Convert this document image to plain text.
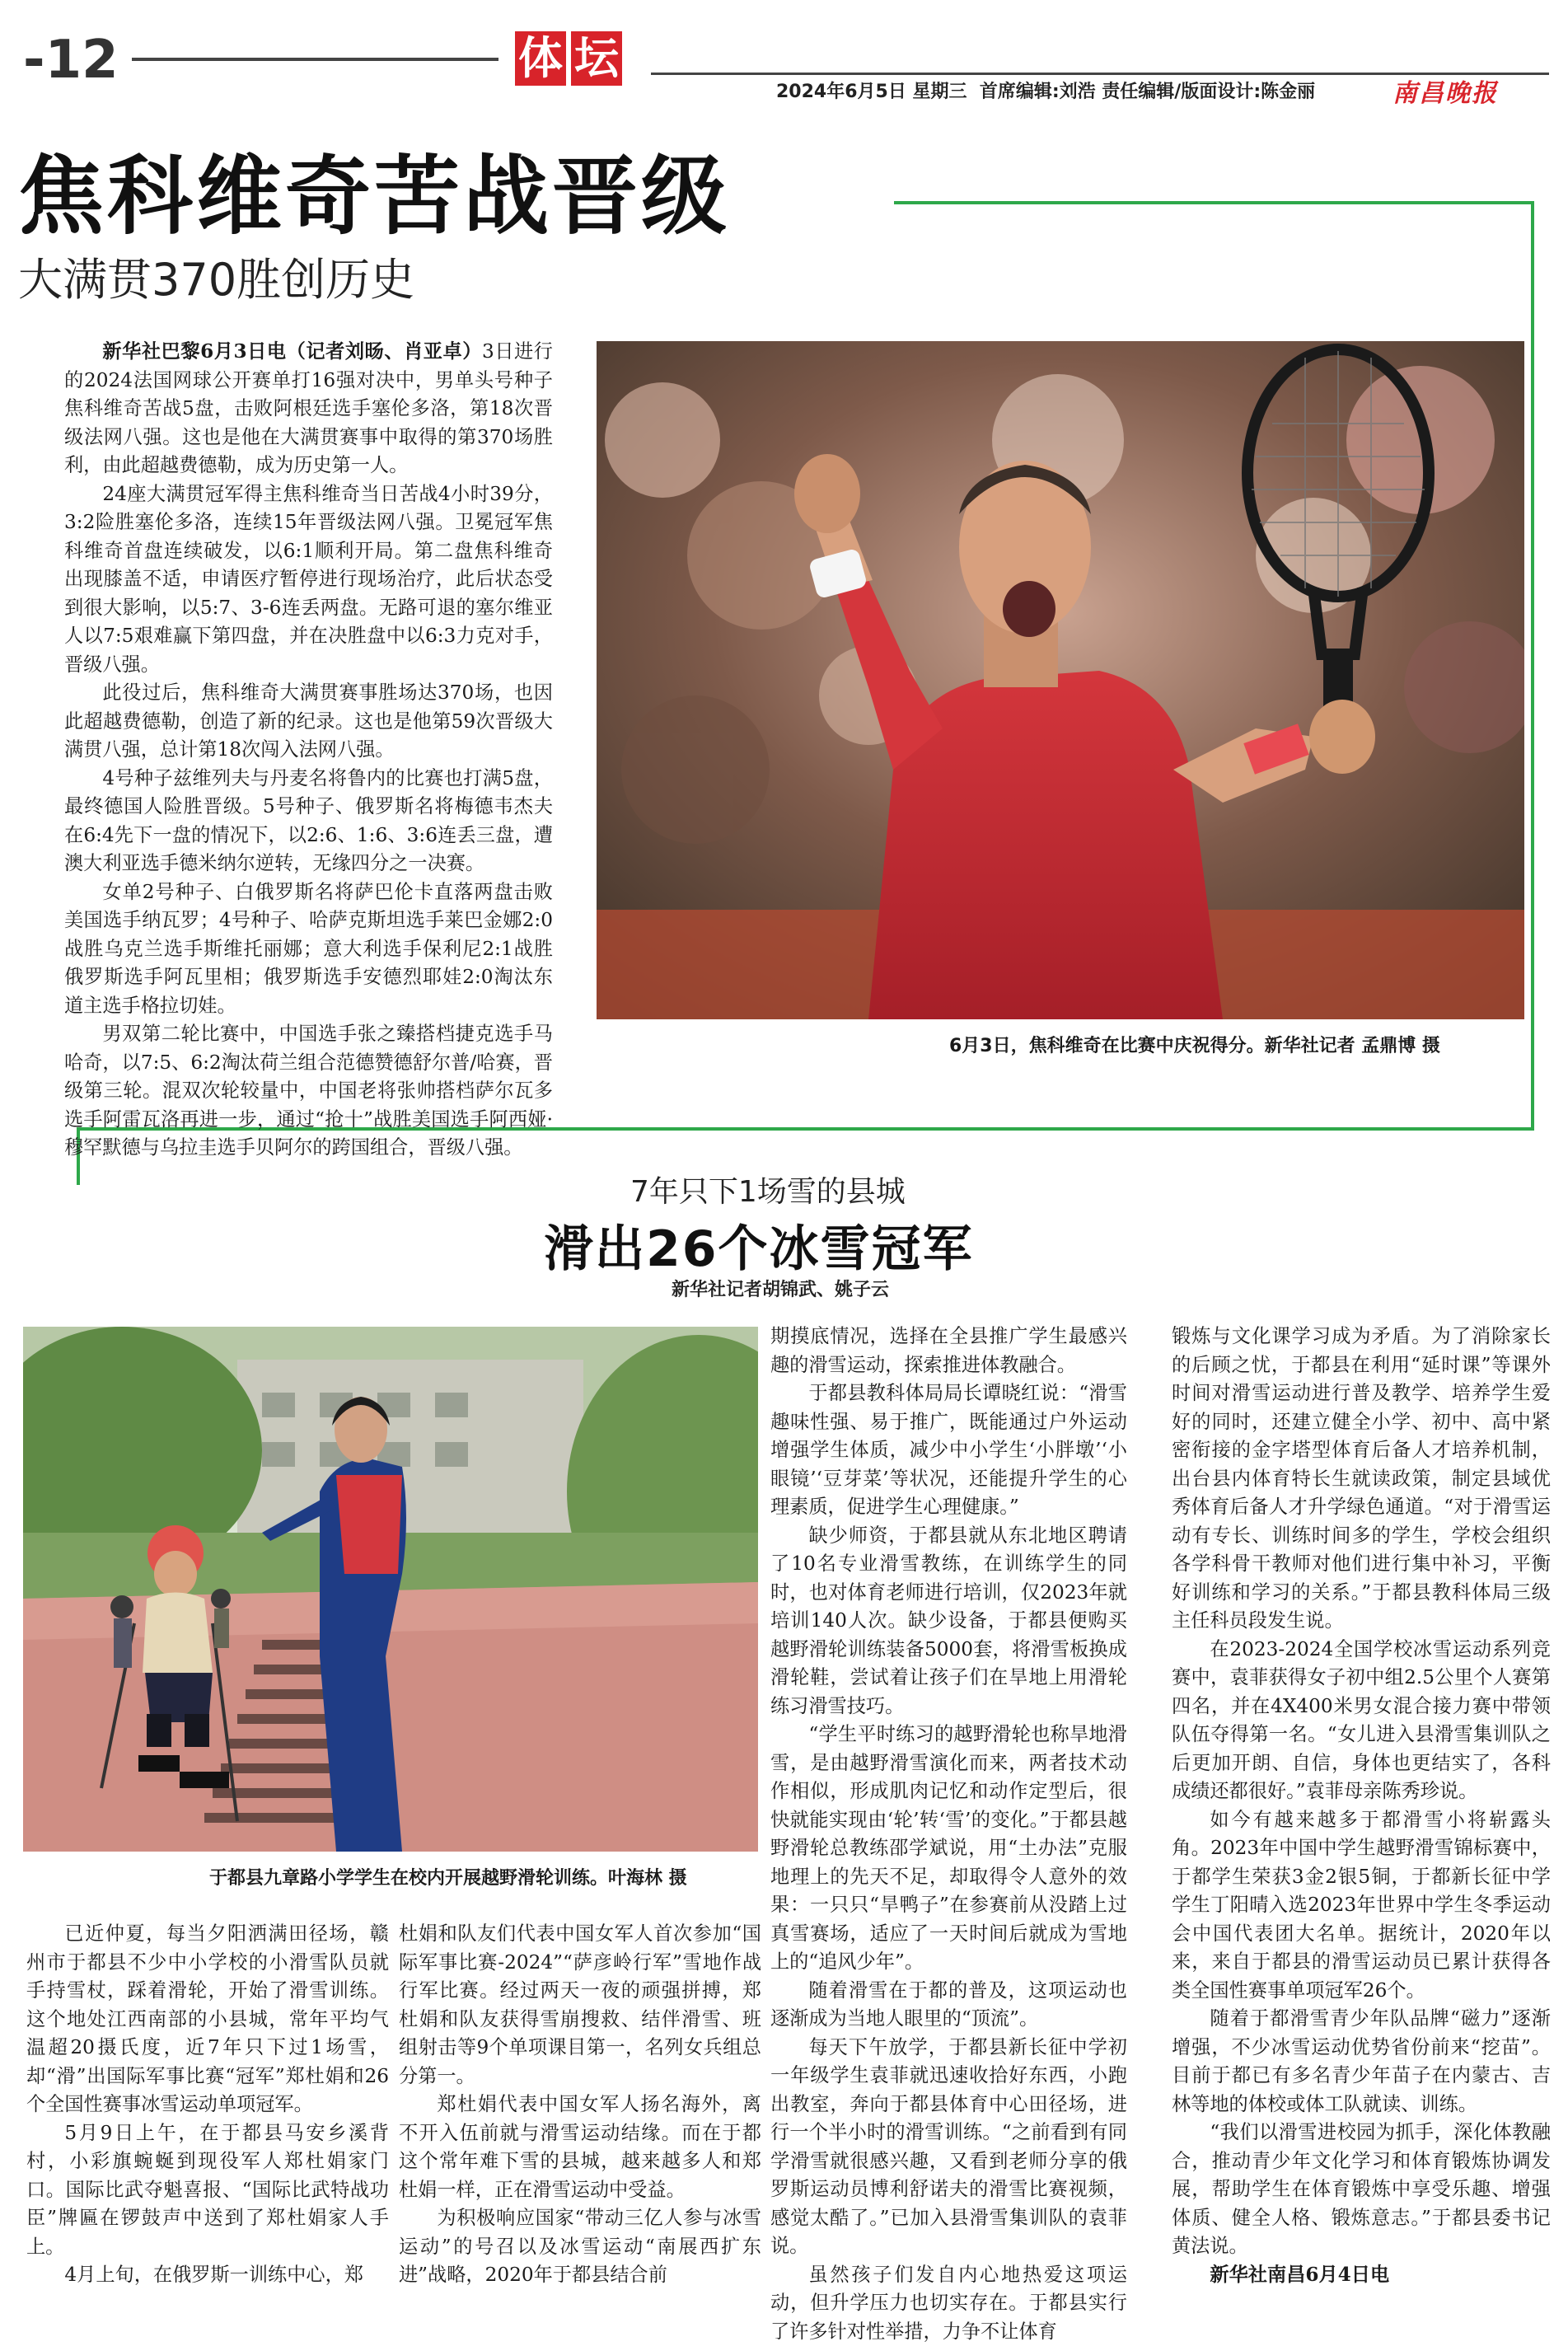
-12	体 坛
2024年6月5日 星期三  首席编辑:刘浩 责任编辑/版面设计:陈金丽	南昌晚报
焦科维奇苦战晋级
大满贯370胜创历史

新华社巴黎6月3日电（记者刘旸、肖亚卓）3日进行的2024法国网球公开赛单打16强对决中，男单头号种子焦科维奇苦战5盘，击败阿根廷选手塞伦多洛，第18次晋级法网八强。这也是他在大满贯赛事中取得的第370场胜利，由此超越费德勒，成为历史第一人。

24座大满贯冠军得主焦科维奇当日苦战4小时39分，3:2险胜塞伦多洛，连续15年晋级法网八强。卫冕冠军焦科维奇首盘连续破发，以6:1顺利开局。第二盘焦科维奇出现膝盖不适，申请医疗暂停进行现场治疗，此后状态受到很大影响，以5:7、3-6连丢两盘。无路可退的塞尔维亚人以7:5艰难赢下第四盘，并在决胜盘中以6:3力克对手，晋级八强。

此役过后，焦科维奇大满贯赛事胜场达370场，也因此超越费德勒，创造了新的纪录。这也是他第59次晋级大满贯八强，总计第18次闯入法网八强。

4号种子兹维列夫与丹麦名将鲁内的比赛也打满5盘，最终德国人险胜晋级。5号种子、俄罗斯名将梅德韦杰夫在6:4先下一盘的情况下，以2:6、1:6、3:6连丢三盘，遭澳大利亚选手德米纳尔逆转，无缘四分之一决赛。

女单2号种子、白俄罗斯名将萨巴伦卡直落两盘击败美国选手纳瓦罗；4号种子、哈萨克斯坦选手莱巴金娜2:0战胜乌克兰选手斯维托丽娜；意大利选手保利尼2:1战胜俄罗斯选手阿瓦里相；俄罗斯选手安德烈耶娃2:0淘汰东道主选手格拉切娃。

男双第二轮比赛中，中国选手张之臻搭档捷克选手马哈奇，以7:5、6:2淘汰荷兰组合范德赞德舒尔普/哈赛，晋级第三轮。混双次轮较量中，中国老将张帅搭档萨尔瓦多选手阿雷瓦洛再进一步，通过“抢十”战胜美国选手阿西娅·穆罕默德与乌拉圭选手贝阿尔的跨国组合，晋级八强。

6月3日，焦科维奇在比赛中庆祝得分。新华社记者 孟鼎博 摄
7年只下1场雪的县城
滑出26个冰雪冠军
新华社记者胡锦武、姚子云
于都县九章路小学学生在校内开展越野滑轮训练。叶海林 摄

已近仲夏，每当夕阳洒满田径场，赣州市于都县不少中小学校的小滑雪队员就手持雪杖，踩着滑轮，开始了滑雪训练。这个地处江西南部的小县城，常年平均气温超20摄氏度，近7年只下过1场雪，却“滑”出国际军事比赛“冠军”郑杜娟和26个全国性赛事冰雪运动单项冠军。

5月9日上午，在于都县马安乡溪背村，小彩旗蜿蜒到现役军人郑杜娟家门口。国际比武夺魁喜报、“国际比武特战功臣”牌匾在锣鼓声中送到了郑杜娟家人手上。

4月上旬，在俄罗斯一训练中心，郑

杜娟和队友们代表中国女军人首次参加“国际军事比赛-2024”“萨彦岭行军”雪地作战行军比赛。经过两天一夜的顽强拼搏，郑杜娟和队友获得雪崩搜救、结伴滑雪、班组射击等9个单项课目第一，名列女兵组总分第一。

郑杜娟代表中国女军人扬名海外，离不开入伍前就与滑雪运动结缘。而在于都这个常年难下雪的县城，越来越多人和郑杜娟一样，正在滑雪运动中受益。

为积极响应国家“带动三亿人参与冰雪运动”的号召以及冰雪运动“南展西扩东进”战略，2020年于都县结合前

期摸底情况，选择在全县推广学生最感兴趣的滑雪运动，探索推进体教融合。

于都县教科体局局长谭晓红说：“滑雪趣味性强、易于推广，既能通过户外运动增强学生体质，减少中小学生‘小胖墩’‘小眼镜’‘豆芽菜’等状况，还能提升学生的心理素质，促进学生心理健康。”

缺少师资，于都县就从东北地区聘请了10名专业滑雪教练，在训练学生的同时，也对体育老师进行培训，仅2023年就培训140人次。缺少设备，于都县便购买越野滑轮训练装备5000套，将滑雪板换成滑轮鞋，尝试着让孩子们在旱地上用滑轮练习滑雪技巧。

“学生平时练习的越野滑轮也称旱地滑雪，是由越野滑雪演化而来，两者技术动作相似，形成肌肉记忆和动作定型后，很快就能实现由‘轮’转‘雪’的变化。”于都县越野滑轮总教练邵学斌说，用“土办法”克服地理上的先天不足，却取得令人意外的效果：一只只“旱鸭子”在参赛前从没踏上过真雪赛场，适应了一天时间后就成为雪地上的“追风少年”。

随着滑雪在于都的普及，这项运动也逐渐成为当地人眼里的“顶流”。

每天下午放学，于都县新长征中学初一年级学生袁菲就迅速收拾好东西，小跑出教室，奔向于都县体育中心田径场，进行一个半小时的滑雪训练。“之前看到有同学滑雪就很感兴趣，又看到老师分享的俄罗斯运动员博利舒诺夫的滑雪比赛视频，感觉太酷了。”已加入县滑雪集训队的袁菲说。

虽然孩子们发自内心地热爱这项运动，但升学压力也切实存在。于都县实行了许多针对性举措，力争不让体育

锻炼与文化课学习成为矛盾。为了消除家长的后顾之忧，于都县在利用“延时课”等课外时间对滑雪运动进行普及教学、培养学生爱好的同时，还建立健全小学、初中、高中紧密衔接的金字塔型体育后备人才培养机制，出台县内体育特长生就读政策，制定县域优秀体育后备人才升学绿色通道。“对于滑雪运动有专长、训练时间多的学生，学校会组织各学科骨干教师对他们进行集中补习，平衡好训练和学习的关系。”于都县教科体局三级主任科员段发生说。

在2023-2024全国学校冰雪运动系列竞赛中，袁菲获得女子初中组2.5公里个人赛第四名，并在4X400米男女混合接力赛中带领队伍夺得第一名。“女儿进入县滑雪集训队之后更加开朗、自信，身体也更结实了，各科成绩还都很好。”袁菲母亲陈秀珍说。

如今有越来越多于都滑雪小将崭露头角。2023年中国中学生越野滑雪锦标赛中，于都学生荣获3金2银5铜，于都新长征中学学生丁阳晴入选2023年世界中学生冬季运动会中国代表团大名单。据统计，2020年以来，来自于都县的滑雪运动员已累计获得各类全国性赛事单项冠军26个。

随着于都滑雪青少年队品牌“磁力”逐渐增强，不少冰雪运动优势省份前来“挖苗”。目前于都已有多名青少年苗子在内蒙古、吉林等地的体校或体工队就读、训练。

“我们以滑雪进校园为抓手，深化体教融合，推动青少年文化学习和体育锻炼协调发展，帮助学生在体育锻炼中享受乐趣、增强体质、健全人格、锻炼意志。”于都县委书记黄法说。

新华社南昌6月4日电
